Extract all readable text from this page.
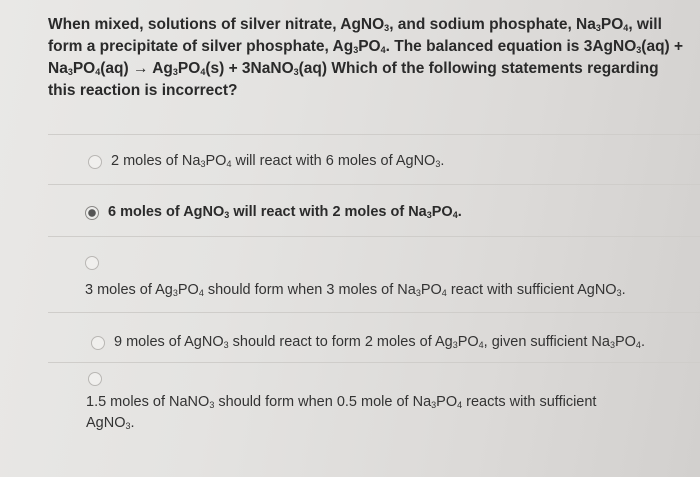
When mixed, solutions of silver nitrate, AgNO$_3$, and sodium phosphate, $Na_3PO_4$, will form a precipitate of silver phosphate, $Ag_3PO_4$. The balanced equation is 3AgNO$_3$(aq) + $Na_3PO_4(aq) \to Ag_3PO_4(s)$ + 3NaNO$_3$(aq) Which of the following statements regarding this reaction is incorrect?
2 moles of $Na_3PO_4$ will react with 6 moles of AgNO$_3$.
6 moles of AgNO$_3$ will react with 2 moles of $Na_3PO_4$.
3 moles of $Ag_3PO_4$ should form when 3 moles of $Na_3PO_4$ react with sufficient AgNO$_3$.
9 moles of AgNO$_3$ should react to form 2 moles of $Ag_3PO_4$, given sufficient $Na_3PO_4$.
1.5 moles of NaNO$_3$ should form when 0.5 mole of $Na_3PO_4$ reacts with sufficient AgNO$_3$.
